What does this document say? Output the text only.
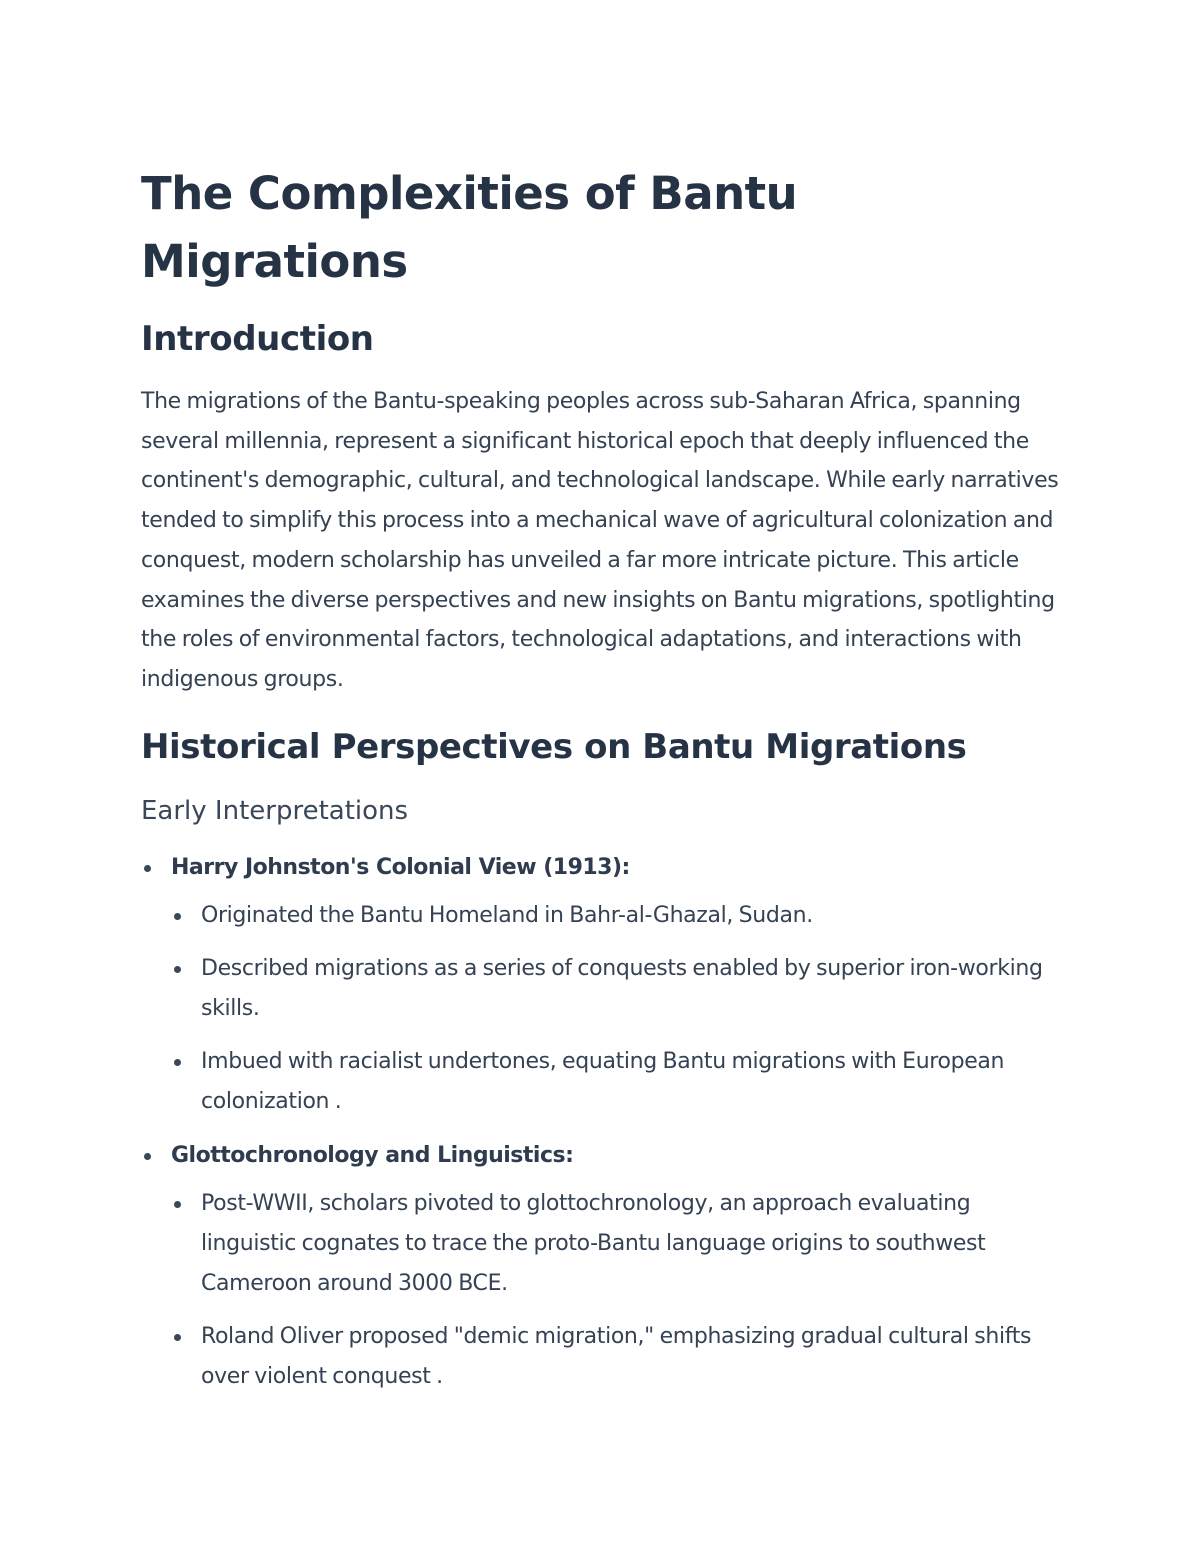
The Complexities of Bantu Migrations
Introduction

The migrations of the Bantu-speaking peoples across sub-Saharan Africa, spanning several millennia, represent a significant historical epoch that deeply influenced the continent's demographic, cultural, and technological landscape. While early narratives tended to simplify this process into a mechanical wave of agricultural colonization and conquest, modern scholarship has unveiled a far more intricate picture. This article examines the diverse perspectives and new insights on Bantu migrations, spotlighting the roles of environmental factors, technological adaptations, and interactions with indigenous groups.

Historical Perspectives on Bantu Migrations
Early Interpretations
Harry Johnston's Colonial View (1913):
Originated the Bantu Homeland in Bahr-al-Ghazal, Sudan.
Described migrations as a series of conquests enabled by superior iron-working skills.
Imbued with racialist undertones, equating Bantu migrations with European colonization .
Glottochronology and Linguistics:
Post-WWII, scholars pivoted to glottochronology, an approach evaluating linguistic cognates to trace the proto-Bantu language origins to southwest Cameroon around 3000 BCE.
Roland Oliver proposed "demic migration," emphasizing gradual cultural shifts over violent conquest .
